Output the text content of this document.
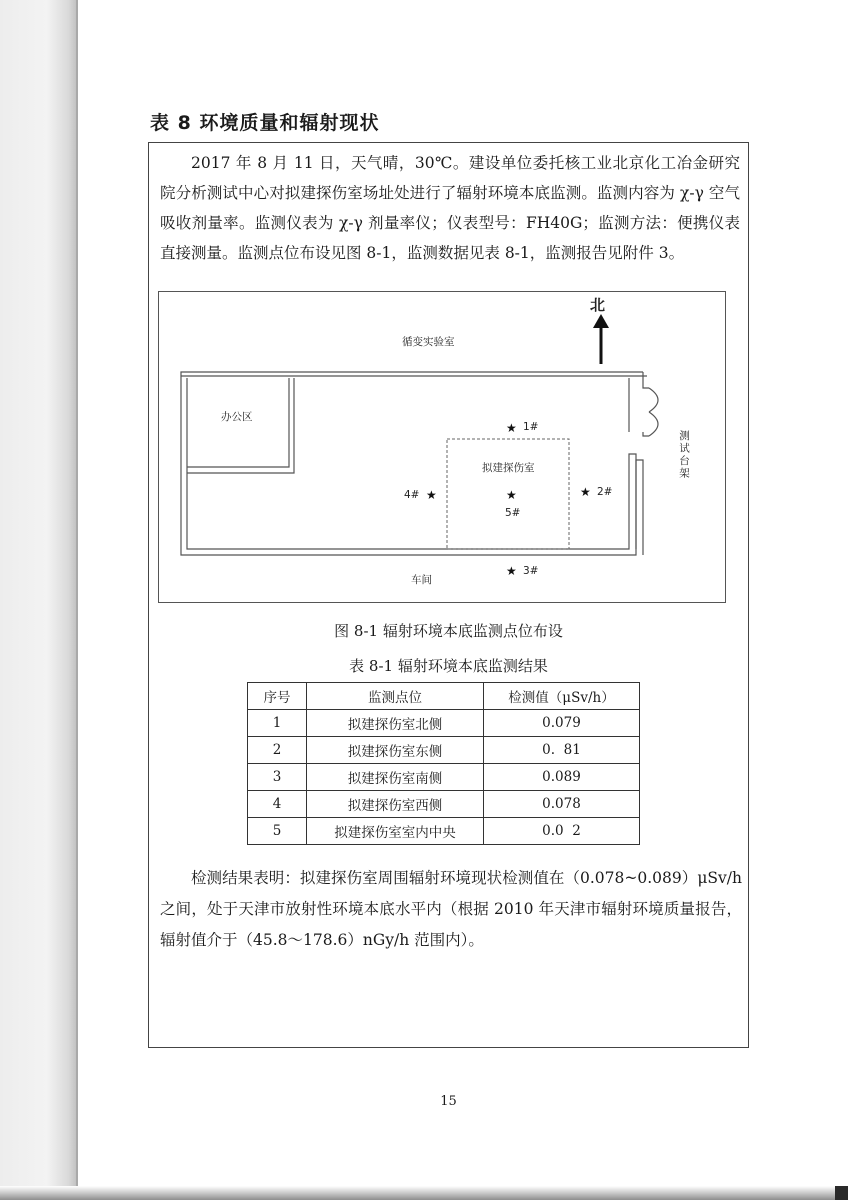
表 8 环境质量和辐射现状
2017 年 8 月 11 日，天气晴，30℃。建设单位委托核工业北京化工冶金研究院分析测试中心对拟建探伤室场址处进行了辐射环境本底监测。监测内容为 χ-γ 空气吸收剂量率。监测仪表为 χ-γ 剂量率仪；仪表型号：FH40G；监测方法：便携仪表直接测量。监测点位布设见图 8-1，监测数据见表 8-1，监测报告见附件 3。
★
★
★
★	★
北
循变实验室
办公区
拟建探伤室
车间
测试台架
1#
2#
3#
4#
5#
图 8-1 辐射环境本底监测点位布设
表 8-1 辐射环境本底监测结果
序号	监测点位	检测值（μSv/h）
1	拟建探伤室北侧	0.079
2	拟建探伤室东侧	0.  81
3	拟建探伤室南侧	0.089
4	拟建探伤室西侧	0.078
5	拟建探伤室室内中央	0.0  2
检测结果表明：拟建探伤室周围辐射环境现状检测值在（0.078~0.089）μSv/h 之间，处于天津市放射性环境本底水平内（根据 2010 年天津市辐射环境质量报告，辐射值介于（45.8～178.6）nGy/h 范围内）。
15
